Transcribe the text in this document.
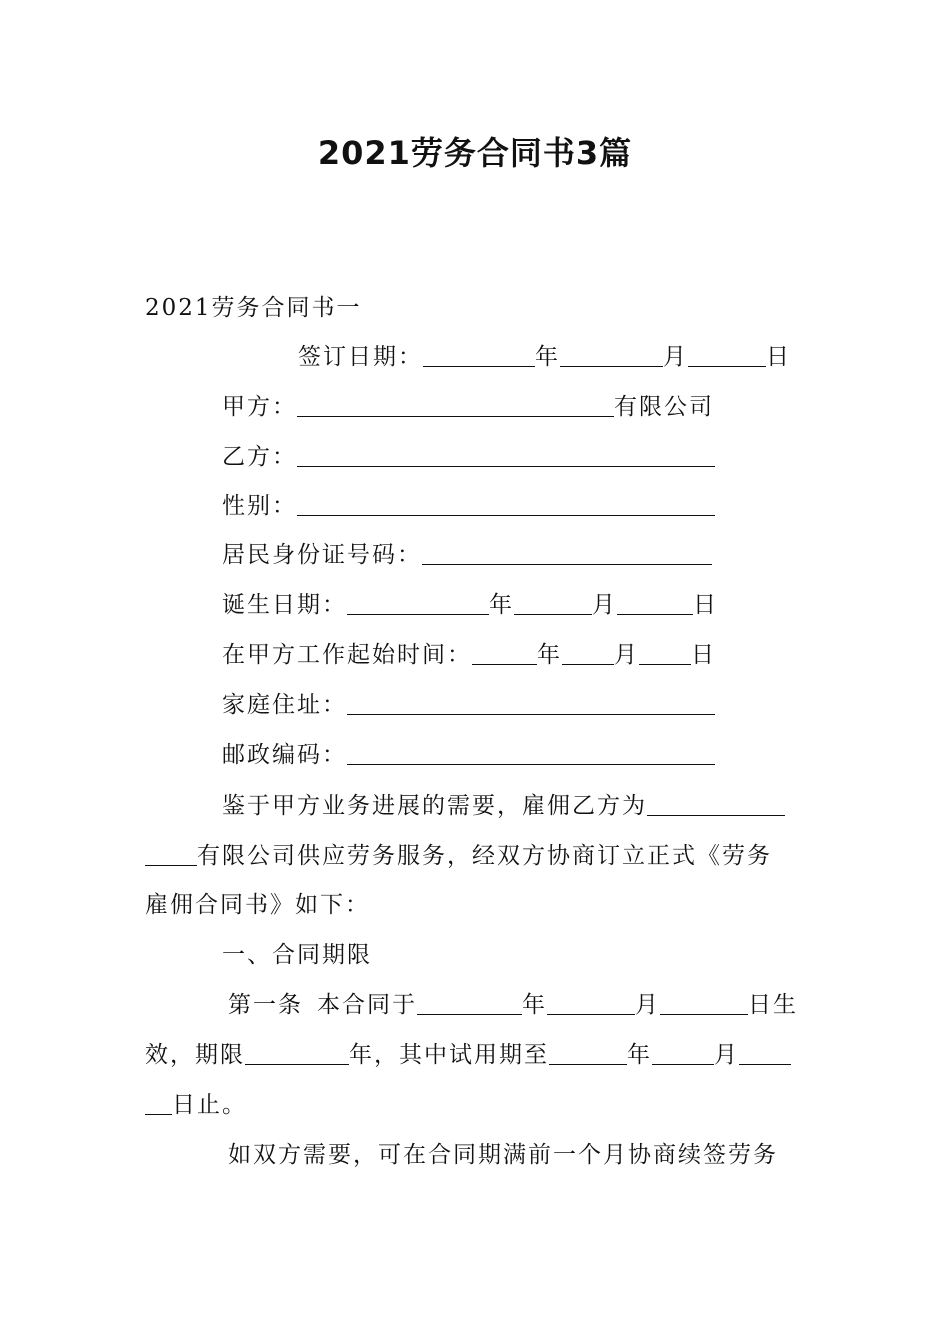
2021劳务合同书3篇
2021劳务合同书一
签订日期：	年	月	日
甲方：	有限公司
乙方：
性别：
居民身份证号码：
诞生日期：	年	月	日
在甲方工作起始时间：	年 月 日
家庭住址：
邮政编码：
鉴于甲方业务进展的需要，雇佣乙方为
有限公司供应劳务服务，经双方协商订立正式《劳务
雇佣合同书》如下：
一、合同期限
第一条 本合同于	年	月	日生
效，期限	年，其中试用期至	年	月
日止。
如双方需要，可在合同期满前一个月协商续签劳务
